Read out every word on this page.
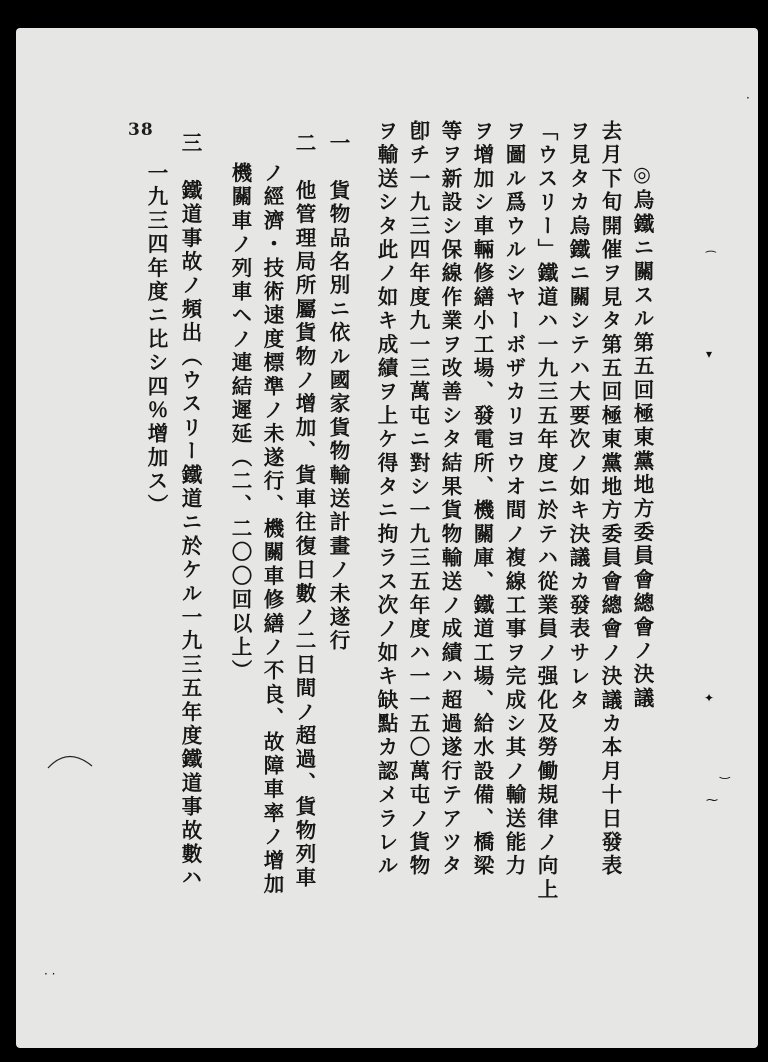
38
◎烏鐵ニ關スル第五回極東黨地方委員會總會ノ決議
去月下旬開催ヲ見タ第五回極東黨地方委員會總會ノ決議カ本月十日發表
ヲ見タカ烏鐵ニ關シテハ大要次ノ如キ決議カ發表サレタ
「ウスリー」鐵道ハ一九三五年度ニ於テハ從業員ノ强化及勞働規律ノ向上
ヲ圖ル爲ウルシヤーボザカリヨウオ間ノ複線工事ヲ完成シ其ノ輸送能力
ヲ增加シ車輛修繕小工場、發電所、機關庫、鐵道工場、給水設備、橋梁
等ヲ新設シ保線作業ヲ改善シタ結果貨物輸送ノ成績ハ超過遂行テアツタ
卽チ一九三四年度九一三萬屯ニ對シ一九三五年度ハ一一五〇萬屯ノ貨物
ヲ輸送シタ此ノ如キ成績ヲ上ケ得タニ拘ラス次ノ如キ缺點カ認メラレル
一　貨物品名別ニ依ル國家貨物輸送計畫ノ未遂行
二　他管理局所屬貨物ノ增加、貨車往復日數ノ二日間ノ超過、貨物列車
ノ經濟・技術速度標準ノ未遂行、機關車修繕ノ不良、故障車率ノ增加
機關車ノ列車ヘノ連結遲延（二、二〇〇回以上）
三　鐵道事故ノ頻出（ウスリー鐵道ニ於ケル一九三五年度鐵道事故數ハ
一九三四年度ニ比シ四％增加ス）	⁔
▾
✦
‿
⁓
·
· ·
